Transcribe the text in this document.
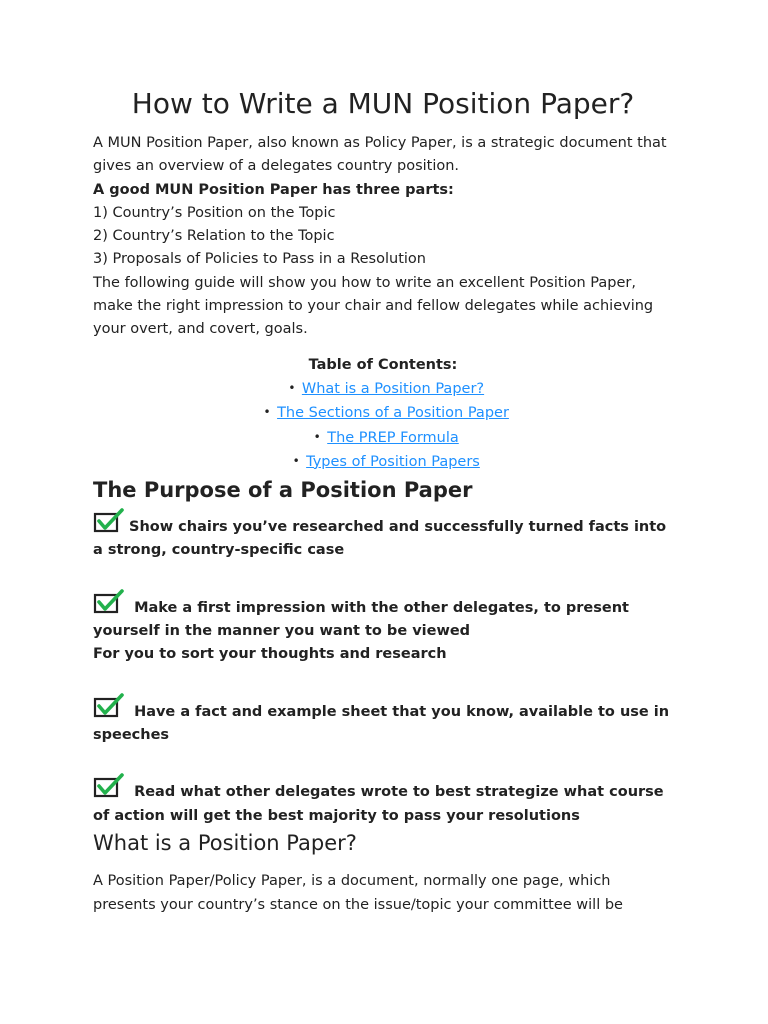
How to Write a MUN Position Paper?

A MUN Position Paper, also known as Policy Paper, is a strategic document that gives an overview of a delegates country position.

A good MUN Position Paper has three parts:

1) Country’s Position on the Topic

2) Country’s Relation to the Topic

3) Proposals of Policies to Pass in a Resolution

The following guide will show you how to write an excellent Position Paper, make the right impression to your chair and fellow delegates while achieving your overt, and covert, goals.

Table of Contents:
• What is a Position Paper?
• The Sections of a Position Paper
• The PREP Formula
• Types of Position Papers
The Purpose of a Position Paper

Show chairs you’ve researched and successfully turned facts into a strong, country-specific case

Make a first impression with the other delegates, to present yourself in the manner you want to be viewed

For you to sort your thoughts and research

Have a fact and example sheet that you know, available to use in speeches

Read what other delegates wrote to best strategize what course of action will get the best majority to pass your resolutions

What is a Position Paper?

A Position Paper/Policy Paper, is a document, normally one page, which presents your country’s stance on the issue/topic your committee will be
